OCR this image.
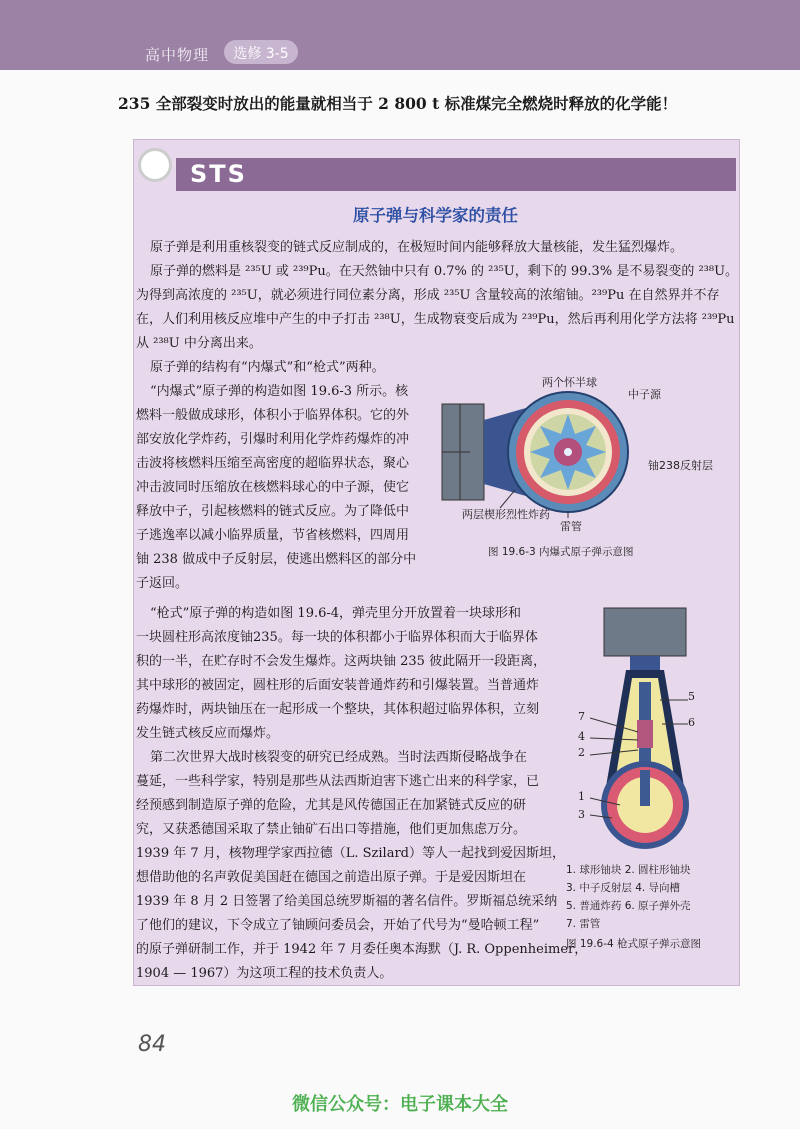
高中物理	选修 3-5
235 全部裂变时放出的能量就相当于 2 800 t 标准煤完全燃烧时释放的化学能！
STS
原子弹与科学家的责任
原子弹是利用重核裂变的链式反应制成的，在极短时间内能够释放大量核能，发生猛烈爆炸。
原子弹的燃料是 ²³⁵U 或 ²³⁹Pu。在天然铀中只有 0.7% 的 ²³⁵U，剩下的 99.3% 是不易裂变的 ²³⁸U。
为得到高浓度的 ²³⁵U，就必须进行同位素分离，形成 ²³⁵U 含量较高的浓缩铀。²³⁹Pu 在自然界并不存
在，人们利用核反应堆中产生的中子打击 ²³⁸U，生成物衰变后成为 ²³⁹Pu，然后再利用化学方法将 ²³⁹Pu
从 ²³⁸U 中分离出来。
原子弹的结构有“内爆式”和“枪式”两种。
“内爆式”原子弹的构造如图 19.6-3 所示。核
燃料一般做成球形，体积小于临界体积。它的外
部安放化学炸药，引爆时利用化学炸药爆炸的冲
击波将核燃料压缩至高密度的超临界状态，聚心
冲击波同时压缩放在核燃料球心的中子源，使它
释放中子，引起核燃料的链式反应。为了降低中
子逃逸率以减小临界质量，节省核燃料，四周用
铀 238 做成中子反射层，使逃出燃料区的部分中
子返回。
“枪式”原子弹的构造如图 19.6-4，弹壳里分开放置着一块球形和
一块圆柱形高浓度铀235。每一块的体积都小于临界体积而大于临界体
积的一半，在贮存时不会发生爆炸。这两块铀 235 彼此隔开一段距离，
其中球形的被固定，圆柱形的后面安装普通炸药和引爆装置。当普通炸
药爆炸时，两块铀压在一起形成一个整块，其体积超过临界体积，立刻
发生链式核反应而爆炸。
第二次世界大战时核裂变的研究已经成熟。当时法西斯侵略战争在
蔓延，一些科学家，特别是那些从法西斯迫害下逃亡出来的科学家，已
经预感到制造原子弹的危险，尤其是风传德国正在加紧链式反应的研
究，又获悉德国采取了禁止铀矿石出口等措施，他们更加焦虑万分。
1939 年 7 月，核物理学家西拉德（L. Szilard）等人一起找到爱因斯坦，
想借助他的名声敦促美国赶在德国之前造出原子弹。于是爱因斯坦在
1939 年 8 月 2 日签署了给美国总统罗斯福的著名信件。罗斯福总统采纳
了他们的建议，下令成立了铀顾问委员会，开始了代号为“曼哈顿工程”
的原子弹研制工作，并于 1942 年 7 月委任奥本海默（J. R. Oppenheimer，
1904 — 1967）为这项工程的技术负责人。
两个怀半球
中子源
铀238反射层
两层楔形烈性炸药
雷管
图 19.6-3 内爆式原子弹示意图
5
7	6
4
2
1
3
1. 球形铀块 2. 圆柱形铀块
3. 中子反射层 4. 导向槽
5. 普通炸药 6. 原子弹外壳
7. 雷管
图 19.6-4 枪式原子弹示意图
84
微信公众号：电子课本大全
